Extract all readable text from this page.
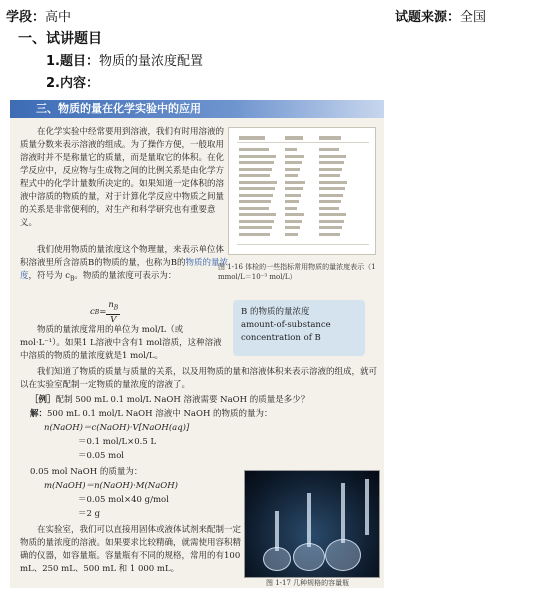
学段：高中	试题来源：全国
一、试讲题目
1.题目：物质的量浓度配置
2.内容：
三、物质的量在化学实验中的应用
在化学实验中经常要用到溶液，我们有时用溶液的质量分数来表示溶液的组成。为了操作方便，一般取用溶液时并不是称量它的质量，而是量取它的体积。在化学反应中，反应物与生成物之间的比例关系是由化学方程式中的化学计量数所决定的。如果知道一定体积的溶液中溶质的物质的量，对于计算化学反应中物质之间量的关系是非常便利的，对生产和科学研究也有重要意义。
我们使用物质的量浓度这个物理量，来表示单位体积溶液里所含溶质B的物质的量，也称为B的物质的量浓度，符号为 $c_B$。物质的量浓度可表示为：
c $B = \frac{n_B}{V}$
物质的量浓度常用的单位为 mol/L（或 mol·L⁻¹）。如果1 L溶液中含有1 mol溶质，这种溶液中溶质的物质的量浓度就是1 mol/L。
我们知道了物质的质量与质量的关系，以及用物质的量和溶液体积来表示溶液的组成，就可以在实验室配制一定物质的量浓度的溶液了。
［例］配制 500 mL 0.1 mol/L NaOH 溶液需要 NaOH 的质量是多少？
解：500 mL 0.1 mol/L NaOH 溶液中 NaOH 的物质的量为：
n(NaOH)＝c(NaOH)·V[NaOH(aq)]
＝0.1 mol/L×0.5 L
＝0.05 mol
0.05 mol NaOH 的质量为：
m(NaOH)＝n(NaOH)·M(NaOH)
＝0.05 mol×40 g/mol
＝2 g
在实验室，我们可以直接用固体或液体试剂来配制一定物质的量浓度的溶液。如果要求比较精确，就需使用容积精确的仪器，如容量瓶。容量瓶有不同的规格，常用的有100 mL、250 mL、500 mL 和 1 000 mL。
图 1-16 体检的一些指标常用物质的量浓度表示（1 mmol/L＝10⁻³ mol/L）
B 的物质的量浓度
amount-of-substance
concentration of B
图 1-17 几种规格的容量瓶
